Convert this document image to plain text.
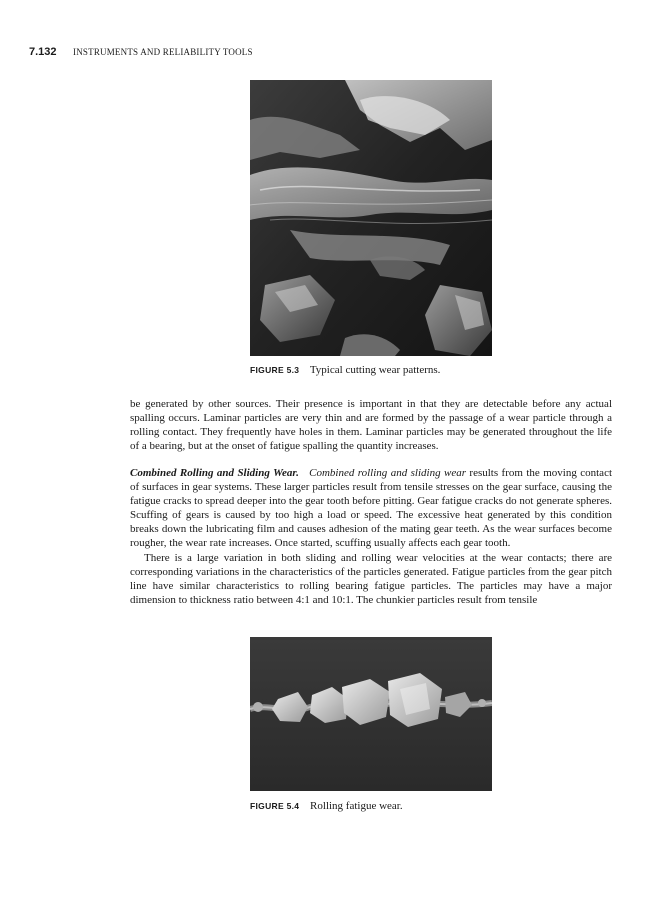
7.132 INSTRUMENTS AND RELIABILITY TOOLS
FIGURE 5.3 Typical cutting wear patterns.

be generated by other sources. Their presence is important in that they are detectable before any actual spalling occurs. Laminar particles are very thin and are formed by the passage of a wear particle through a rolling contact. They frequently have holes in them. Laminar particles may be generated throughout the life of a bearing, but at the onset of fatigue spalling the quantity increases.

Combined Rolling and Sliding Wear. Combined rolling and sliding wear results from the moving contact of surfaces in gear systems. These larger particles result from tensile stresses on the gear surface, causing the fatigue cracks to spread deeper into the gear tooth before pitting. Gear fatigue cracks do not generate spheres. Scuffing of gears is caused by too high a load or speed. The excessive heat generated by this condition breaks down the lubricating film and causes adhesion of the mating gear teeth. As the wear surfaces become rougher, the wear rate increases. Once started, scuffing usually affects each gear tooth.

There is a large variation in both sliding and rolling wear velocities at the wear contacts; there are corresponding variations in the characteristics of the particles generated. Fatigue particles from the gear pitch line have similar characteristics to rolling bearing fatigue particles. The particles may have a major dimension to thickness ratio between 4:1 and 10:1. The chunkier particles result from tensile

FIGURE 5.4 Rolling fatigue wear.
